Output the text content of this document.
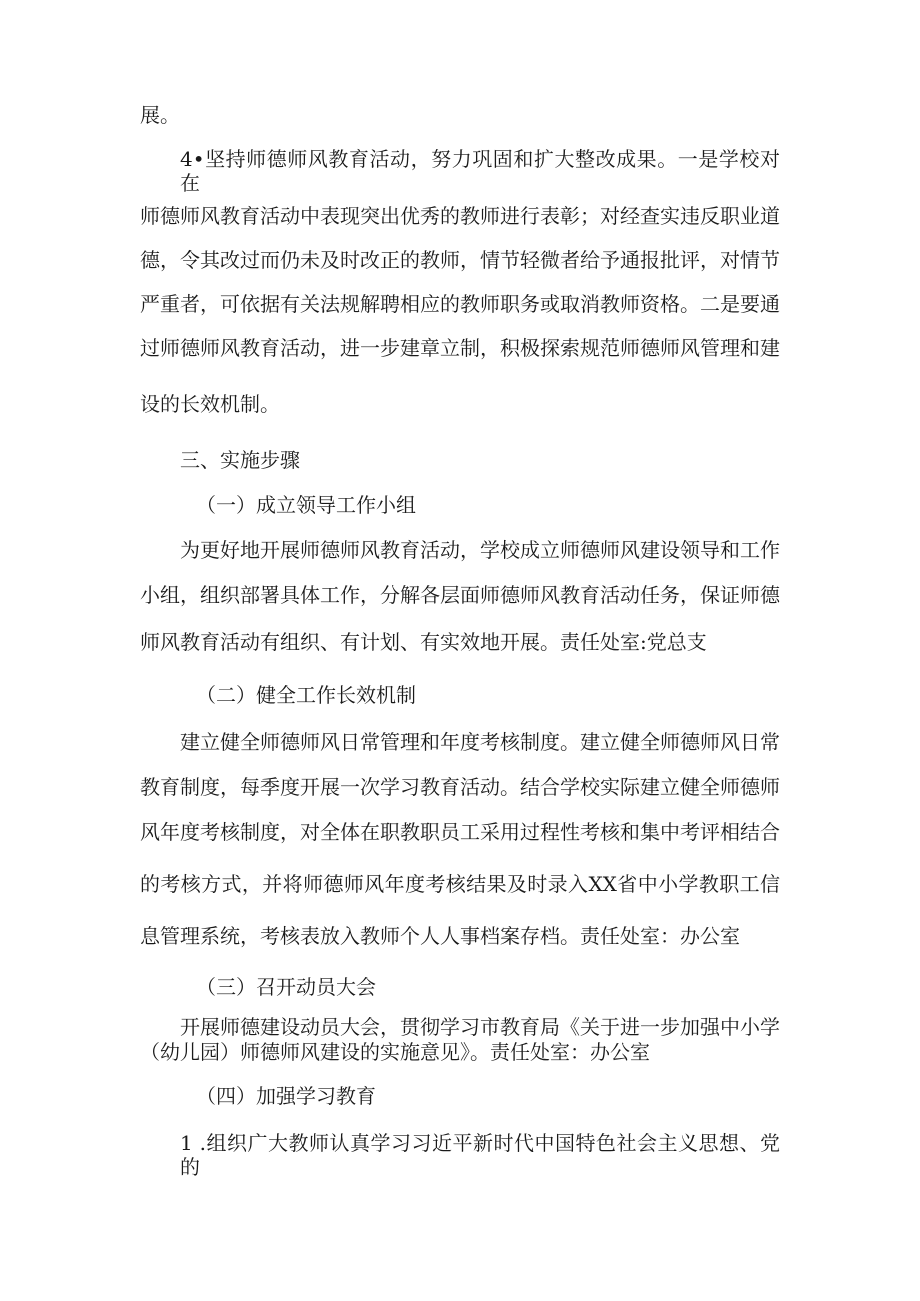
展。
4•坚持师德师风教育活动，努力巩固和扩大整改成果。一是学校对在
师德师风教育活动中表现突出优秀的教师进行表彰；对经查实违反职业道
德，令其改过而仍未及时改正的教师，情节轻微者给予通报批评，对情节
严重者，可依据有关法规解聘相应的教师职务或取消教师资格。二是要通
过师德师风教育活动，进一步建章立制，积极探索规范师德师风管理和建
设的长效机制。
三、实施步骤
（一）成立领导工作小组
为更好地开展师德师风教育活动，学校成立师德师风建设领导和工作
小组，组织部署具体工作，分解各层面师德师风教育活动任务，保证师德
师风教育活动有组织、有计划、有实效地开展。责任处室:党总支
（二）健全工作长效机制
建立健全师德师风日常管理和年度考核制度。建立健全师德师风日常
教育制度，每季度开展一次学习教育活动。结合学校实际建立健全师德师
风年度考核制度，对全体在职教职员工采用过程性考核和集中考评相结合
的考核方式，并将师德师风年度考核结果及时录入XX省中小学教职工信
息管理系统，考核表放入教师个人人事档案存档。责任处室：办公室
（三）召开动员大会
开展师德建设动员大会，贯彻学习市教育局《关于进一步加强中小学
（幼儿园）师德师风建设的实施意见》。责任处室：办公室
（四）加强学习教育
1 .组织广大教师认真学习习近平新时代中国特色社会主义思想、党的
